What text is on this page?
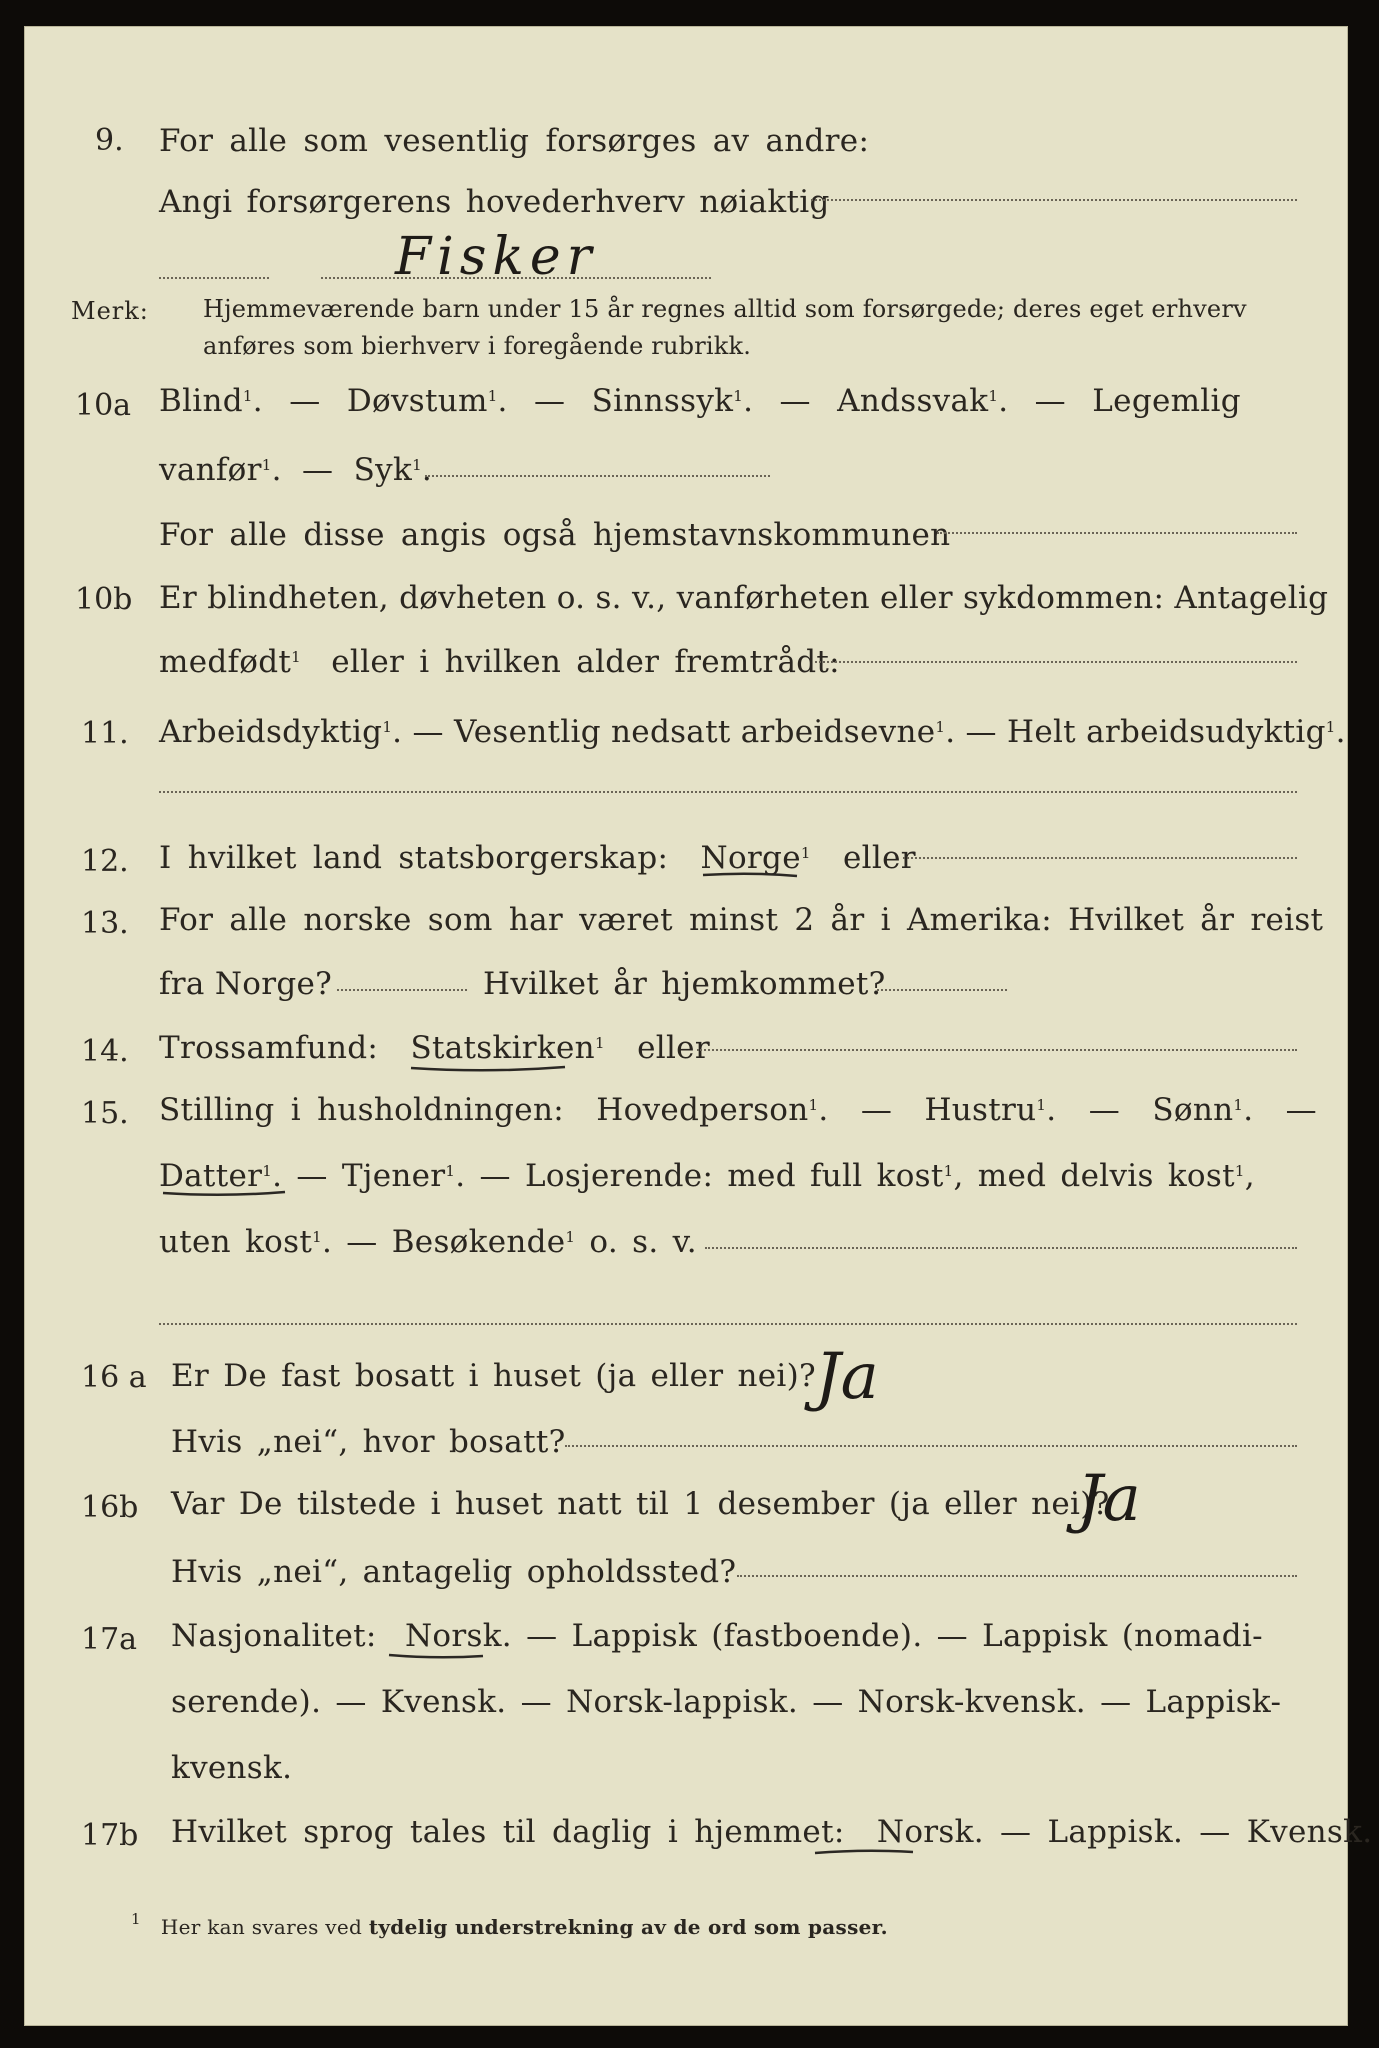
9. For alle som vesentlig forsørges av andre:
Angi forsørgerens hovederhverv nøiaktig
Fisker
Merk: Hjemmeværende barn under 15 år regnes alltid som forsørgede; deres eget erhverv
anføres som bierhverv i foregående rubrikk.
10a Blind$^1$.  —  Døvstum$^1$.  —  Sinnssyk$^1$.  —  Andssvak$^1$.  —  Legemlig
vanfør$^1$.  —  Syk$^1$.
For alle disse angis også hjemstavnskommunen
10b Er blindheten, døvheten o. s. v., vanførheten eller sykdommen: Antagelig
medfødt$^1$ eller i hvilken alder fremtrådt:
11. Arbeidsdyktig$^1$. — Vesentlig nedsatt arbeidsevne$^1$. — Helt arbeidsudyktig$^1$.
12. I hvilket land statsborgerskap: Norge$^1$ eller
13. For alle norske som har været minst 2 år i Amerika: Hvilket år reist
fra Norge?	Hvilket år hjemkommet?
14. Trossamfund: Statskirken$^1$ eller
15. Stilling i husholdningen: Hovedperson$^1$.  —  Hustru$^1$.  —  Sønn$^1$.  —
Datter$^1$. — Tjener$^1$. — Losjerende: med full kost$^1$, med delvis kost$^1$,
uten kost$^1$. — Besøkende$^1$ o. s. v.
16 a Er De fast bosatt i huset (ja eller nei)? Ja
Hvis „nei“, hvor bosatt?
16b Var De tilstede i huset natt til 1 desember (ja eller nei)?
Ja
Hvis „nei“, antagelig opholdssted?
17a Nasjonalitet: Norsk. — Lappisk (fastboende). — Lappisk (nomadi-
serende). — Kvensk. — Norsk-lappisk. — Norsk-kvensk. — Lappisk-
kvensk.
17b Hvilket sprog tales til daglig i hjemmet: Norsk. — Lappisk. — Kvensk.
$^1$ Her kan svares ved tydelig understrekning av de ord som passer.
